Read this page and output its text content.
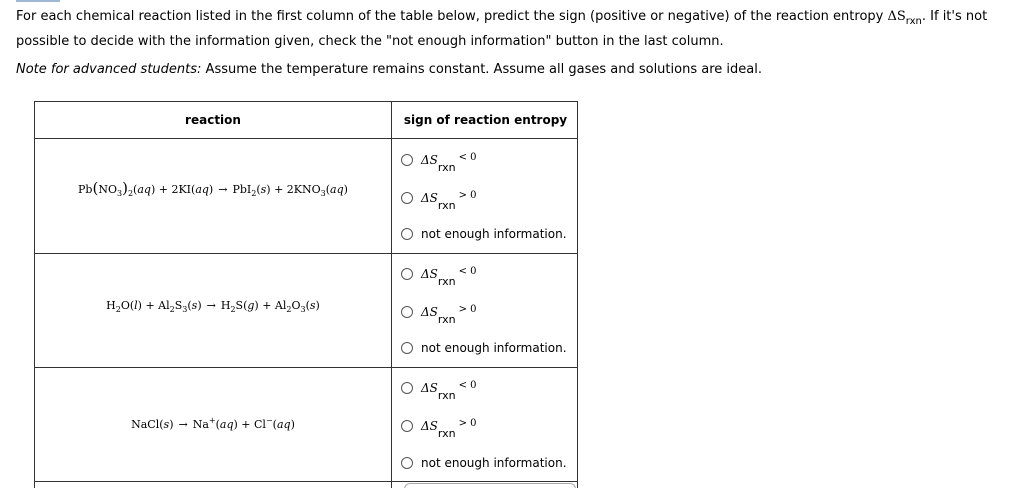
For each chemical reaction listed in the first column of the table below, predict the sign (positive or negative) of the reaction entropy $\Delta S_{rxn}$. If it's not
possible to decide with the information given, check the "not enough information" button in the last column.
Note for advanced students: Assume the temperature remains constant. Assume all gases and solutions are ideal.
reaction	sign of reaction entropy
$Pb(NO_3)_2(aq) + 2KI(aq) \to PbI_2(s) + 2KNO_3(aq)$
$H_2O(l) + Al_2S_3(s) \to H_2S(g) + Al_2O_3(s)$
NaCl(s) → Na+(aq) + Cl−(aq)
ΔSrxn$^{< 0}$
ΔSrxn$^{> 0}$
not enough information.
ΔSrxn$^{< 0}$
ΔSrxn$^{> 0}$
not enough information.
ΔSrxn$^{< 0}$
ΔSrxn$^{> 0}$
not enough information.
